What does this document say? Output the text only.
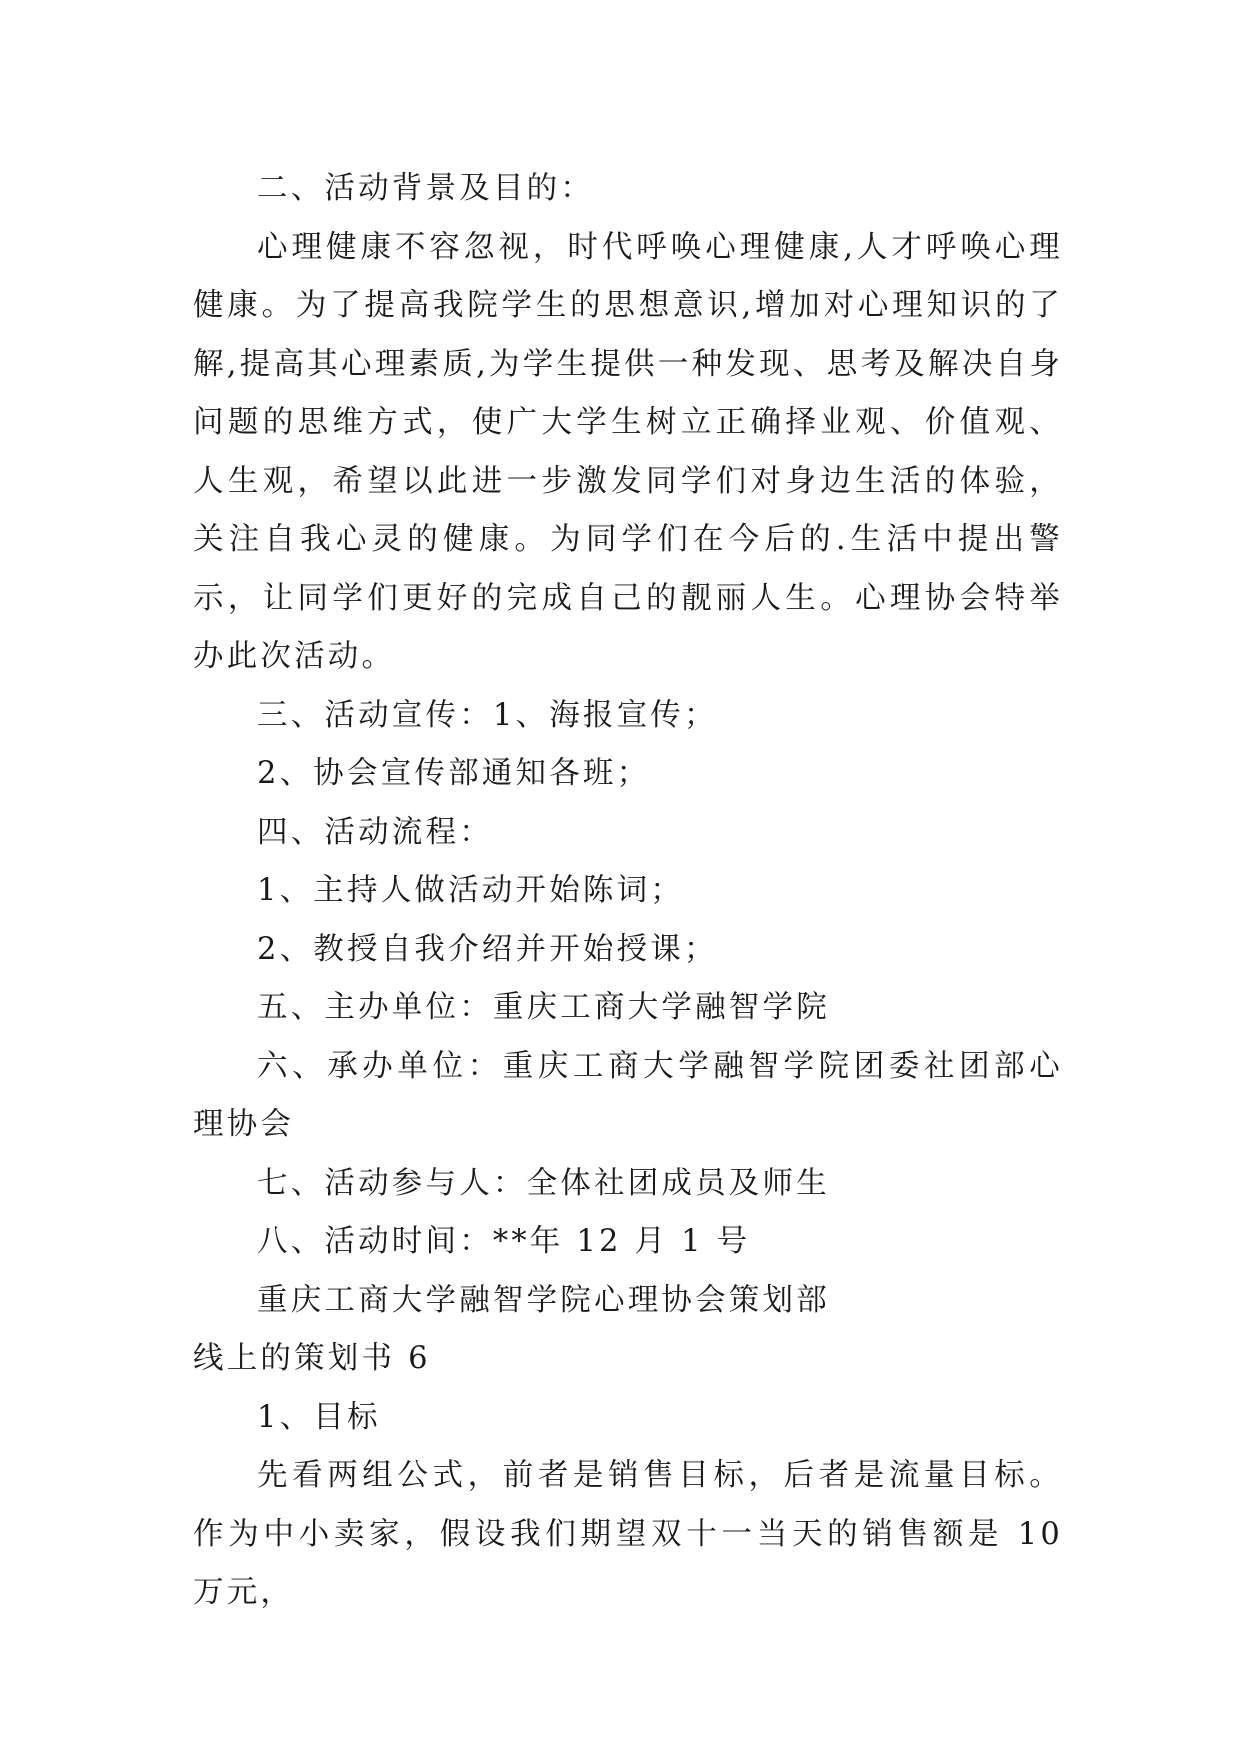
二、活动背景及目的：

心理健康不容忽视，时代呼唤心理健康,人才呼唤心理健康。为了提高我院学生的思想意识,增加对心理知识的了解,提高其心理素质,为学生提供一种发现、思考及解决自身问题的思维方式，使广大学生树立正确择业观、价值观、人生观，希望以此进一步激发同学们对身边生活的体验，关注自我心灵的健康。为同学们在今后的.生活中提出警示，让同学们更好的完成自己的靓丽人生。心理协会特举办此次活动。

三、活动宣传：1、海报宣传；

2、协会宣传部通知各班；

四、活动流程：

1、主持人做活动开始陈词；

2、教授自我介绍并开始授课；

五、主办单位：重庆工商大学融智学院

六、承办单位：重庆工商大学融智学院团委社团部心理协会

七、活动参与人：全体社团成员及师生

八、活动时间：**年 12 月 1 号

重庆工商大学融智学院心理协会策划部

线上的策划书 6

1、目标

先看两组公式，前者是销售目标，后者是流量目标。作为中小卖家，假设我们期望双十一当天的销售额是 10 万元，
